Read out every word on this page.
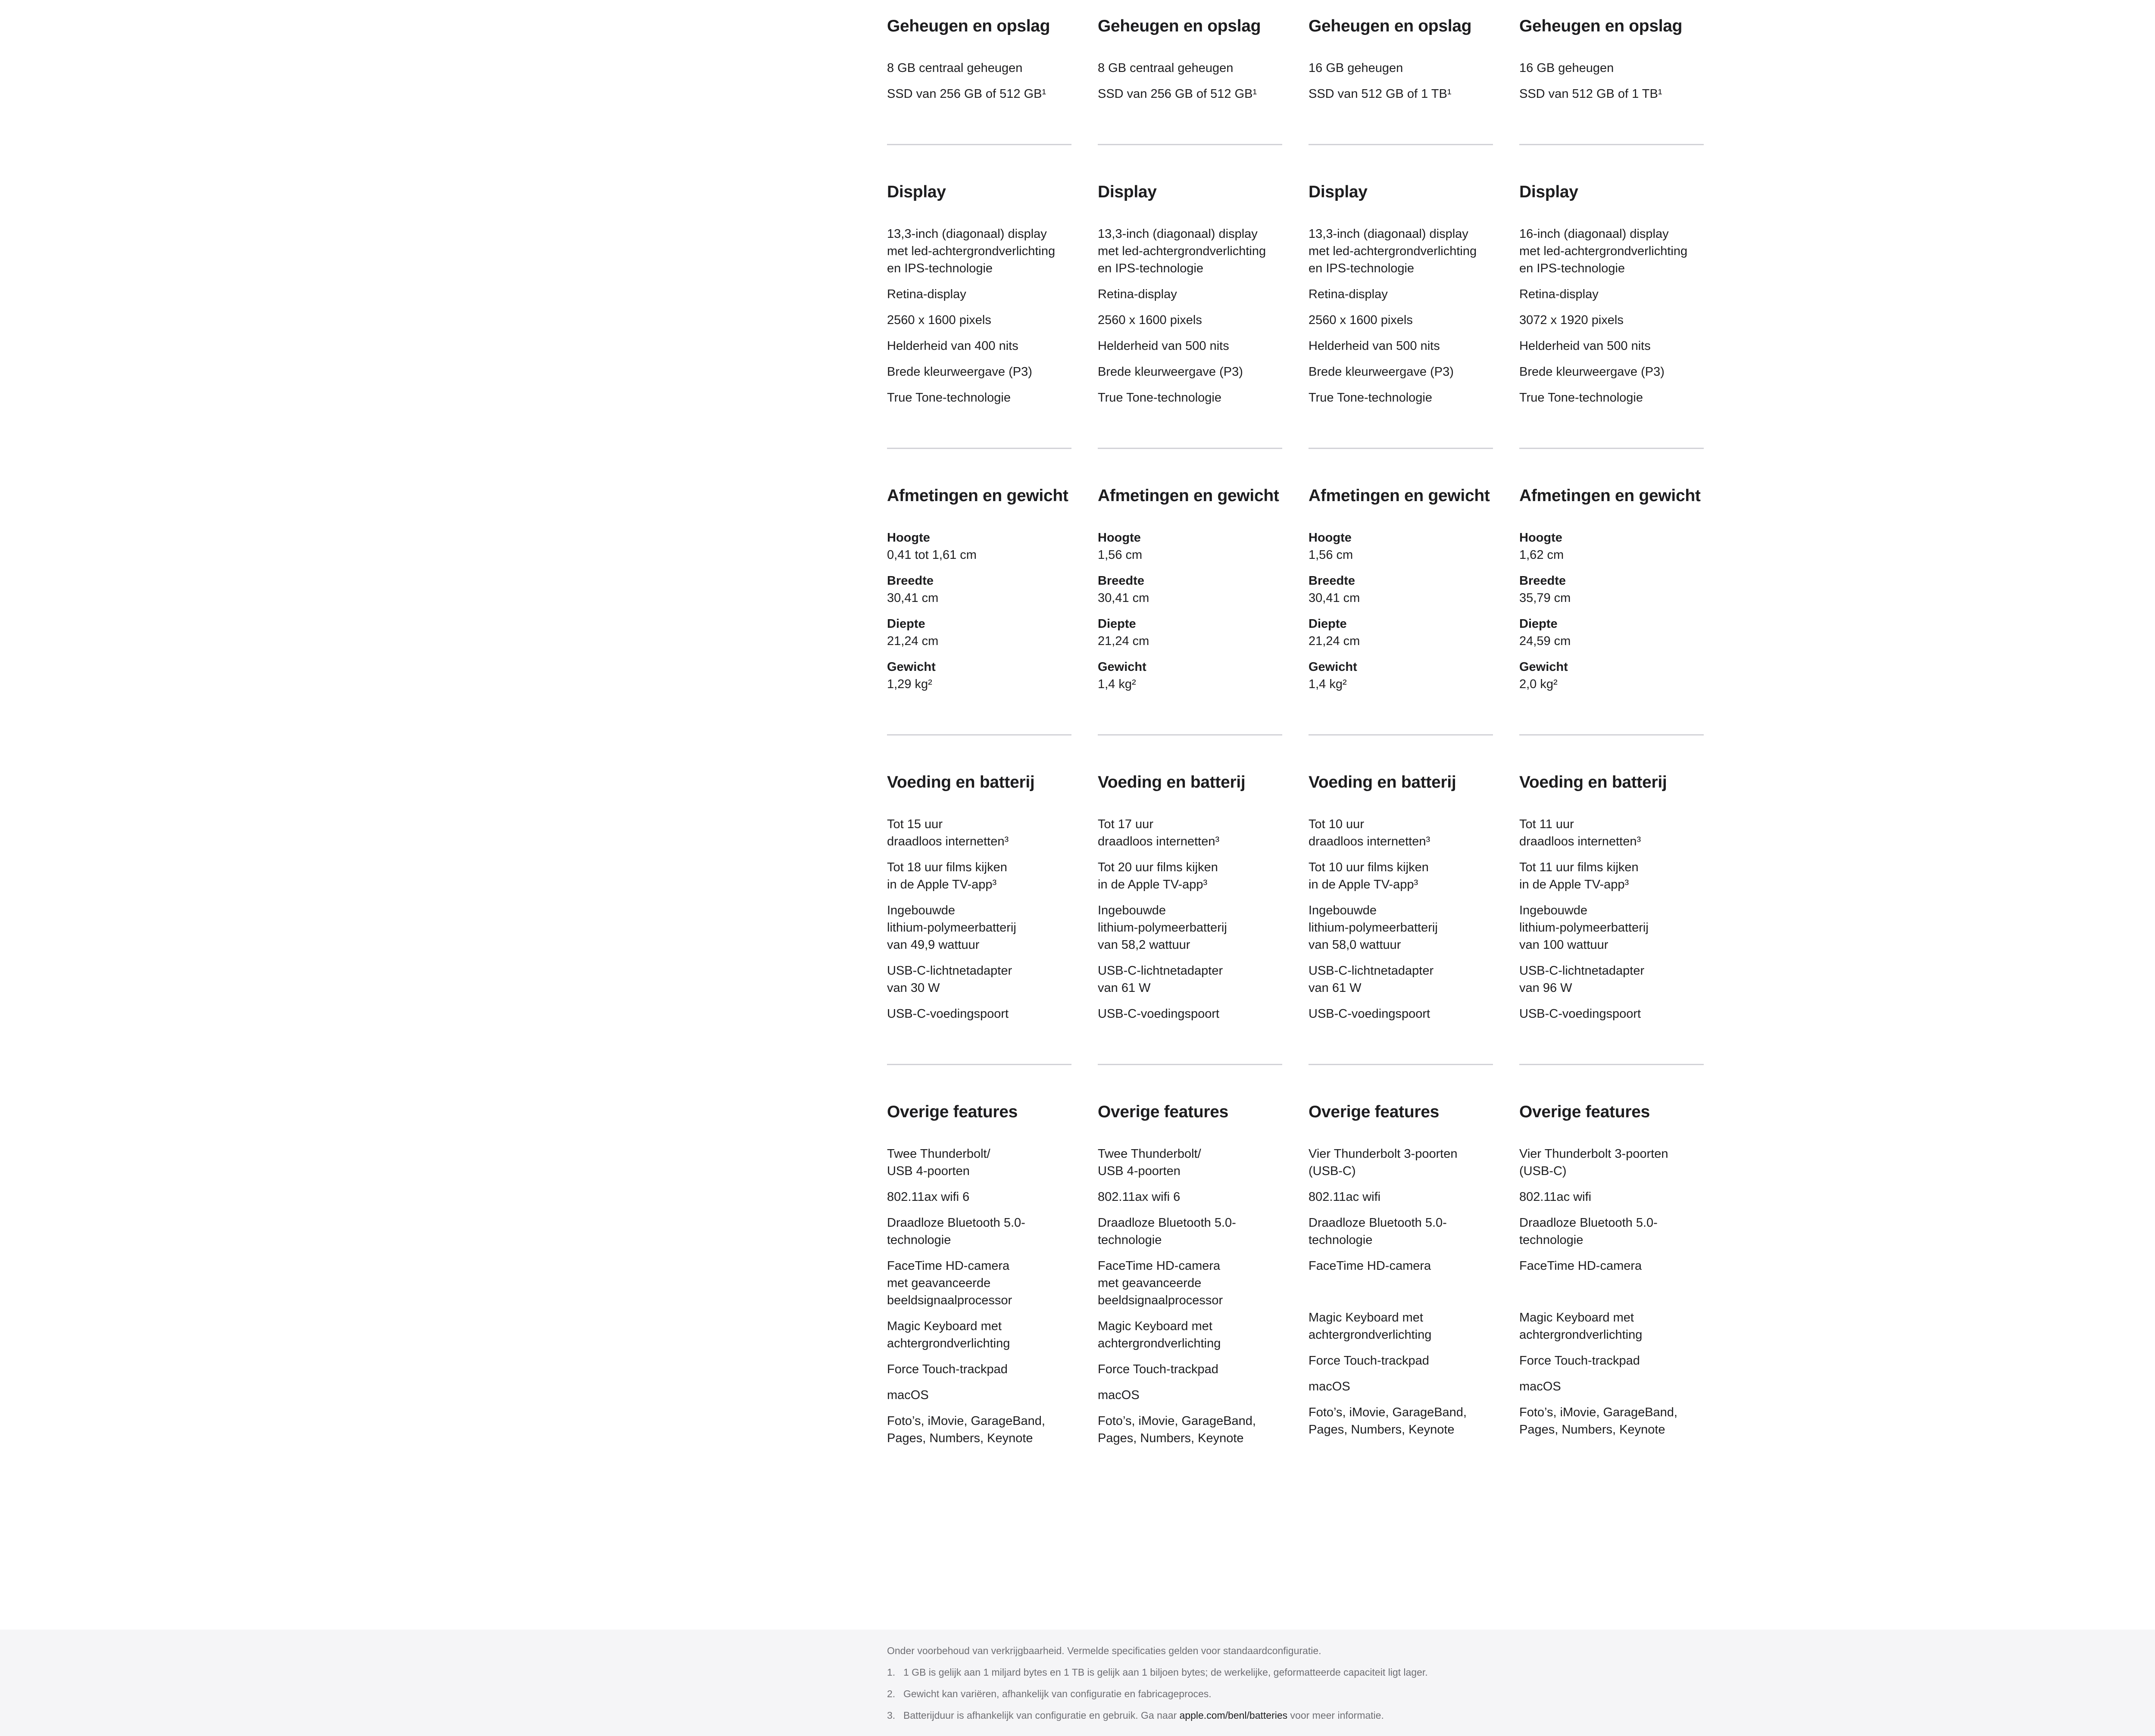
Geheugen en opslag

8 GB centraal geheugen

SSD van 256 GB of 512 GB¹

Geheugen en opslag

8 GB centraal geheugen

SSD van 256 GB of 512 GB¹

Geheugen en opslag

16 GB geheugen

SSD van 512 GB of 1 TB¹

Geheugen en opslag

16 GB geheugen

SSD van 512 GB of 1 TB¹

Display

13,3-inch (diagonaal) display
met led-achtergrondverlichting
en IPS-technologie

Retina-display

2560 x 1600 pixels

Helderheid van 400 nits

Brede kleurweergave (P3)

True Tone-technologie

Display

13,3-inch (diagonaal) display
met led-achtergrondverlichting
en IPS-technologie

Retina-display

2560 x 1600 pixels

Helderheid van 500 nits

Brede kleurweergave (P3)

True Tone-technologie

Display

13,3-inch (diagonaal) display
met led-achtergrondverlichting
en IPS-technologie

Retina-display

2560 x 1600 pixels

Helderheid van 500 nits

Brede kleurweergave (P3)

True Tone-technologie

Display

16-inch (diagonaal) display
met led-achtergrondverlichting
en IPS-technologie

Retina-display

3072 x 1920 pixels

Helderheid van 500 nits

Brede kleurweergave (P3)

True Tone-technologie

Afmetingen en gewicht

Hoogte
0,41 tot 1,61 cm

Breedte
30,41 cm

Diepte
21,24 cm

Gewicht
1,29 kg²

Afmetingen en gewicht

Hoogte
1,56 cm

Breedte
30,41 cm

Diepte
21,24 cm

Gewicht
1,4 kg²

Afmetingen en gewicht

Hoogte
1,56 cm

Breedte
30,41 cm

Diepte
21,24 cm

Gewicht
1,4 kg²

Afmetingen en gewicht

Hoogte
1,62 cm

Breedte
35,79 cm

Diepte
24,59 cm

Gewicht
2,0 kg²

Voeding en batterij

Tot 15 uur
draadloos internetten³

Tot 18 uur films kijken
in de Apple TV-app³

Ingebouwde
lithium-polymeerbatterij
van 49,9 wattuur

USB-C-lichtnetadapter
van 30 W

USB-C-voedingspoort

Voeding en batterij

Tot 17 uur
draadloos internetten³

Tot 20 uur films kijken
in de Apple TV-app³

Ingebouwde
lithium-polymeerbatterij
van 58,2 wattuur

USB-C-lichtnetadapter
van 61 W

USB-C-voedingspoort

Voeding en batterij

Tot 10 uur
draadloos internetten³

Tot 10 uur films kijken
in de Apple TV-app³

Ingebouwde
lithium-polymeerbatterij
van 58,0 wattuur

USB-C-lichtnetadapter
van 61 W

USB-C-voedingspoort

Voeding en batterij

Tot 11 uur
draadloos internetten³

Tot 11 uur films kijken
in de Apple TV-app³

Ingebouwde
lithium-polymeerbatterij
van 100 wattuur

USB-C-lichtnetadapter
van 96 W

USB-C-voedingspoort

Overige features

Twee Thunderbolt/
USB 4-poorten

802.11ax wifi 6

Draadloze Bluetooth 5.0-
technologie

FaceTime HD-camera
met geavanceerde
beeldsignaalprocessor

Magic Keyboard met
achtergrondverlichting

Force Touch-trackpad

macOS

Foto’s, iMovie, GarageBand,
Pages, Numbers, Keynote

Overige features

Twee Thunderbolt/
USB 4-poorten

802.11ax wifi 6

Draadloze Bluetooth 5.0-
technologie

FaceTime HD-camera
met geavanceerde
beeldsignaalprocessor

Magic Keyboard met
achtergrondverlichting

Force Touch-trackpad

macOS

Foto’s, iMovie, GarageBand,
Pages, Numbers, Keynote

Overige features

Vier Thunderbolt 3-poorten
(USB-C)

802.11ac wifi

Draadloze Bluetooth 5.0-
technologie

FaceTime HD-camera

Magic Keyboard met
achtergrondverlichting

Force Touch-trackpad

macOS

Foto’s, iMovie, GarageBand,
Pages, Numbers, Keynote

Overige features

Vier Thunderbolt 3-poorten
(USB-C)

802.11ac wifi

Draadloze Bluetooth 5.0-
technologie

FaceTime HD-camera

Magic Keyboard met
achtergrondverlichting

Force Touch-trackpad

macOS

Foto’s, iMovie, GarageBand,
Pages, Numbers, Keynote

Onder voorbehoud van verkrijgbaarheid. Vermelde specificaties gelden voor standaardconfiguratie.

1. 1 GB is gelijk aan 1 miljard bytes en 1 TB is gelijk aan 1 biljoen bytes; de werkelijke, geformatteerde capaciteit ligt lager.

2. Gewicht kan variëren, afhankelijk van configuratie en fabricageproces.

3. Batterijduur is afhankelijk van configuratie en gebruik. Ga naar apple.com/benl/batteries voor meer informatie.
